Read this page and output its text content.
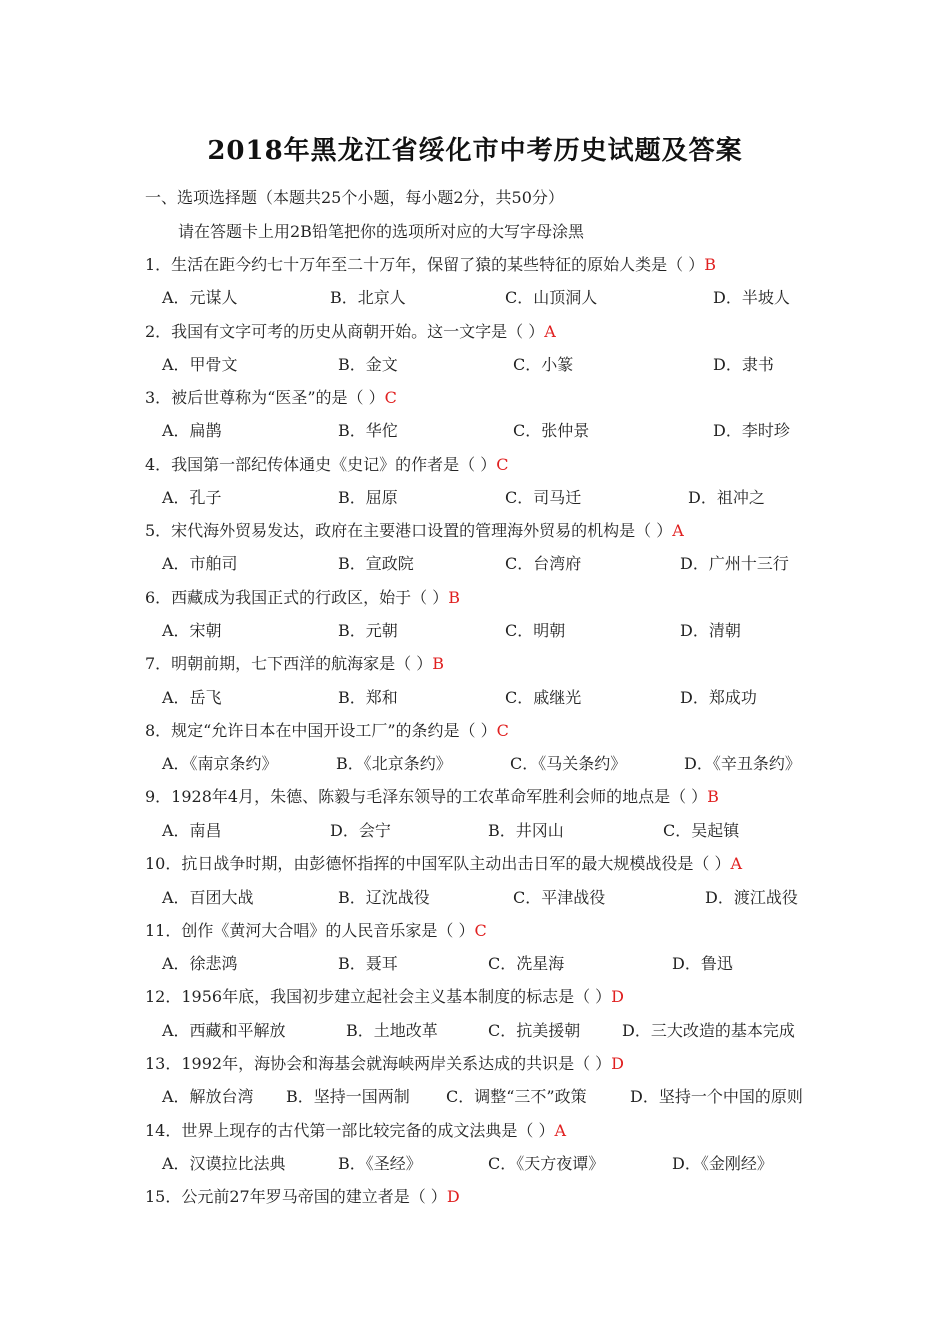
2018年黑龙江省绥化市中考历史试题及答案
一、选项选择题（本题共25个小题，每小题2分，共50分）
请在答题卡上用2B铅笔把你的选项所对应的大写字母涂黑
1．生活在距今约七十万年至二十万年，保留了猿的某些特征的原始人类是（ ）B
A．元谋人	B．北京人	C．山顶洞人	D．半坡人
2．我国有文字可考的历史从商朝开始。这一文字是（ ）A
A．甲骨文	B．金文	C．小篆	D．隶书
3．被后世尊称为“医圣”的是（ ）C
A．扁鹊	B．华佗	C．张仲景	D．李时珍
4．我国第一部纪传体通史《史记》的作者是（ ）C
A．孔子	B．屈原	C．司马迁	D．祖冲之
5．宋代海外贸易发达，政府在主要港口设置的管理海外贸易的机构是（ ）A
A．市舶司	B．宣政院	C．台湾府	D．广州十三行
6．西藏成为我国正式的行政区，始于（ ）B
A．宋朝	B．元朝	C．明朝	D．清朝
7．明朝前期，七下西洋的航海家是（ ）B
A．岳飞	B．郑和	C．戚继光	D．郑成功
8．规定“允许日本在中国开设工厂”的条约是（ ）C
A．《南京条约》	B．《北京条约》	C．《马关条约》	D．《辛丑条约》
9．1928年4月，朱德、陈毅与毛泽东领导的工农革命军胜利会师的地点是（ ）B
A．南昌	D．会宁	B．井冈山	C．吴起镇
10．抗日战争时期，由彭德怀指挥的中国军队主动出击日军的最大规模战役是（ ）A
A．百团大战	B．辽沈战役	C．平津战役	D．渡江战役
11．创作《黄河大合唱》的人民音乐家是（ ）C
A．徐悲鸿	B．聂耳	C．冼星海	D．鲁迅
12．1956年底，我国初步建立起社会主义基本制度的标志是（ ）D
A．西藏和平解放	B．土地改革	C．抗美援朝	D．三大改造的基本完成
13．1992年，海协会和海基会就海峡两岸关系达成的共识是（ ）D
A．解放台湾 B．坚持一国两制 C．调整“三不”政策	D．坚持一个中国的原则
14．世界上现存的古代第一部比较完备的成文法典是（ ）A
A．汉谟拉比法典	B．《圣经》	C．《天方夜谭》	D．《金刚经》
15．公元前27年罗马帝国的建立者是（ ）D
